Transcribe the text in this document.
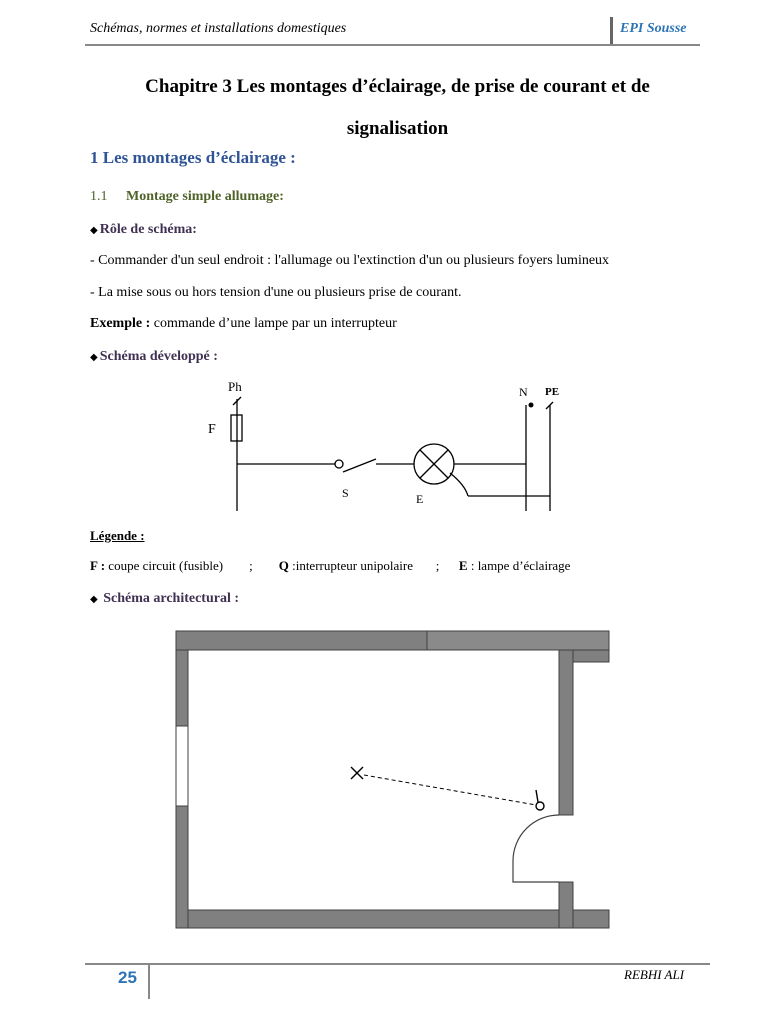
Schémas, normes et installations domestiques	EPI Sousse
Chapitre 3 Les montages d’éclairage, de prise de courant et de
signalisation
1 Les montages d’éclairage :
1.1 Montage simple allumage:
◆ Rôle de schéma:
- Commander d'un seul endroit : l'allumage ou l'extinction d'un ou plusieurs foyers lumineux
- La mise sous ou hors tension d'une ou plusieurs prise de courant.
Exemple : commande d’une lampe par un interrupteur
◆ Schéma développé :
Ph
F
N PE
S	E
Légende :
F : coupe circuit (fusible) ; Q :interrupteur unipolaire ; E : lampe d’éclairage
◆ Schéma architectural :
25	REBHI ALI
